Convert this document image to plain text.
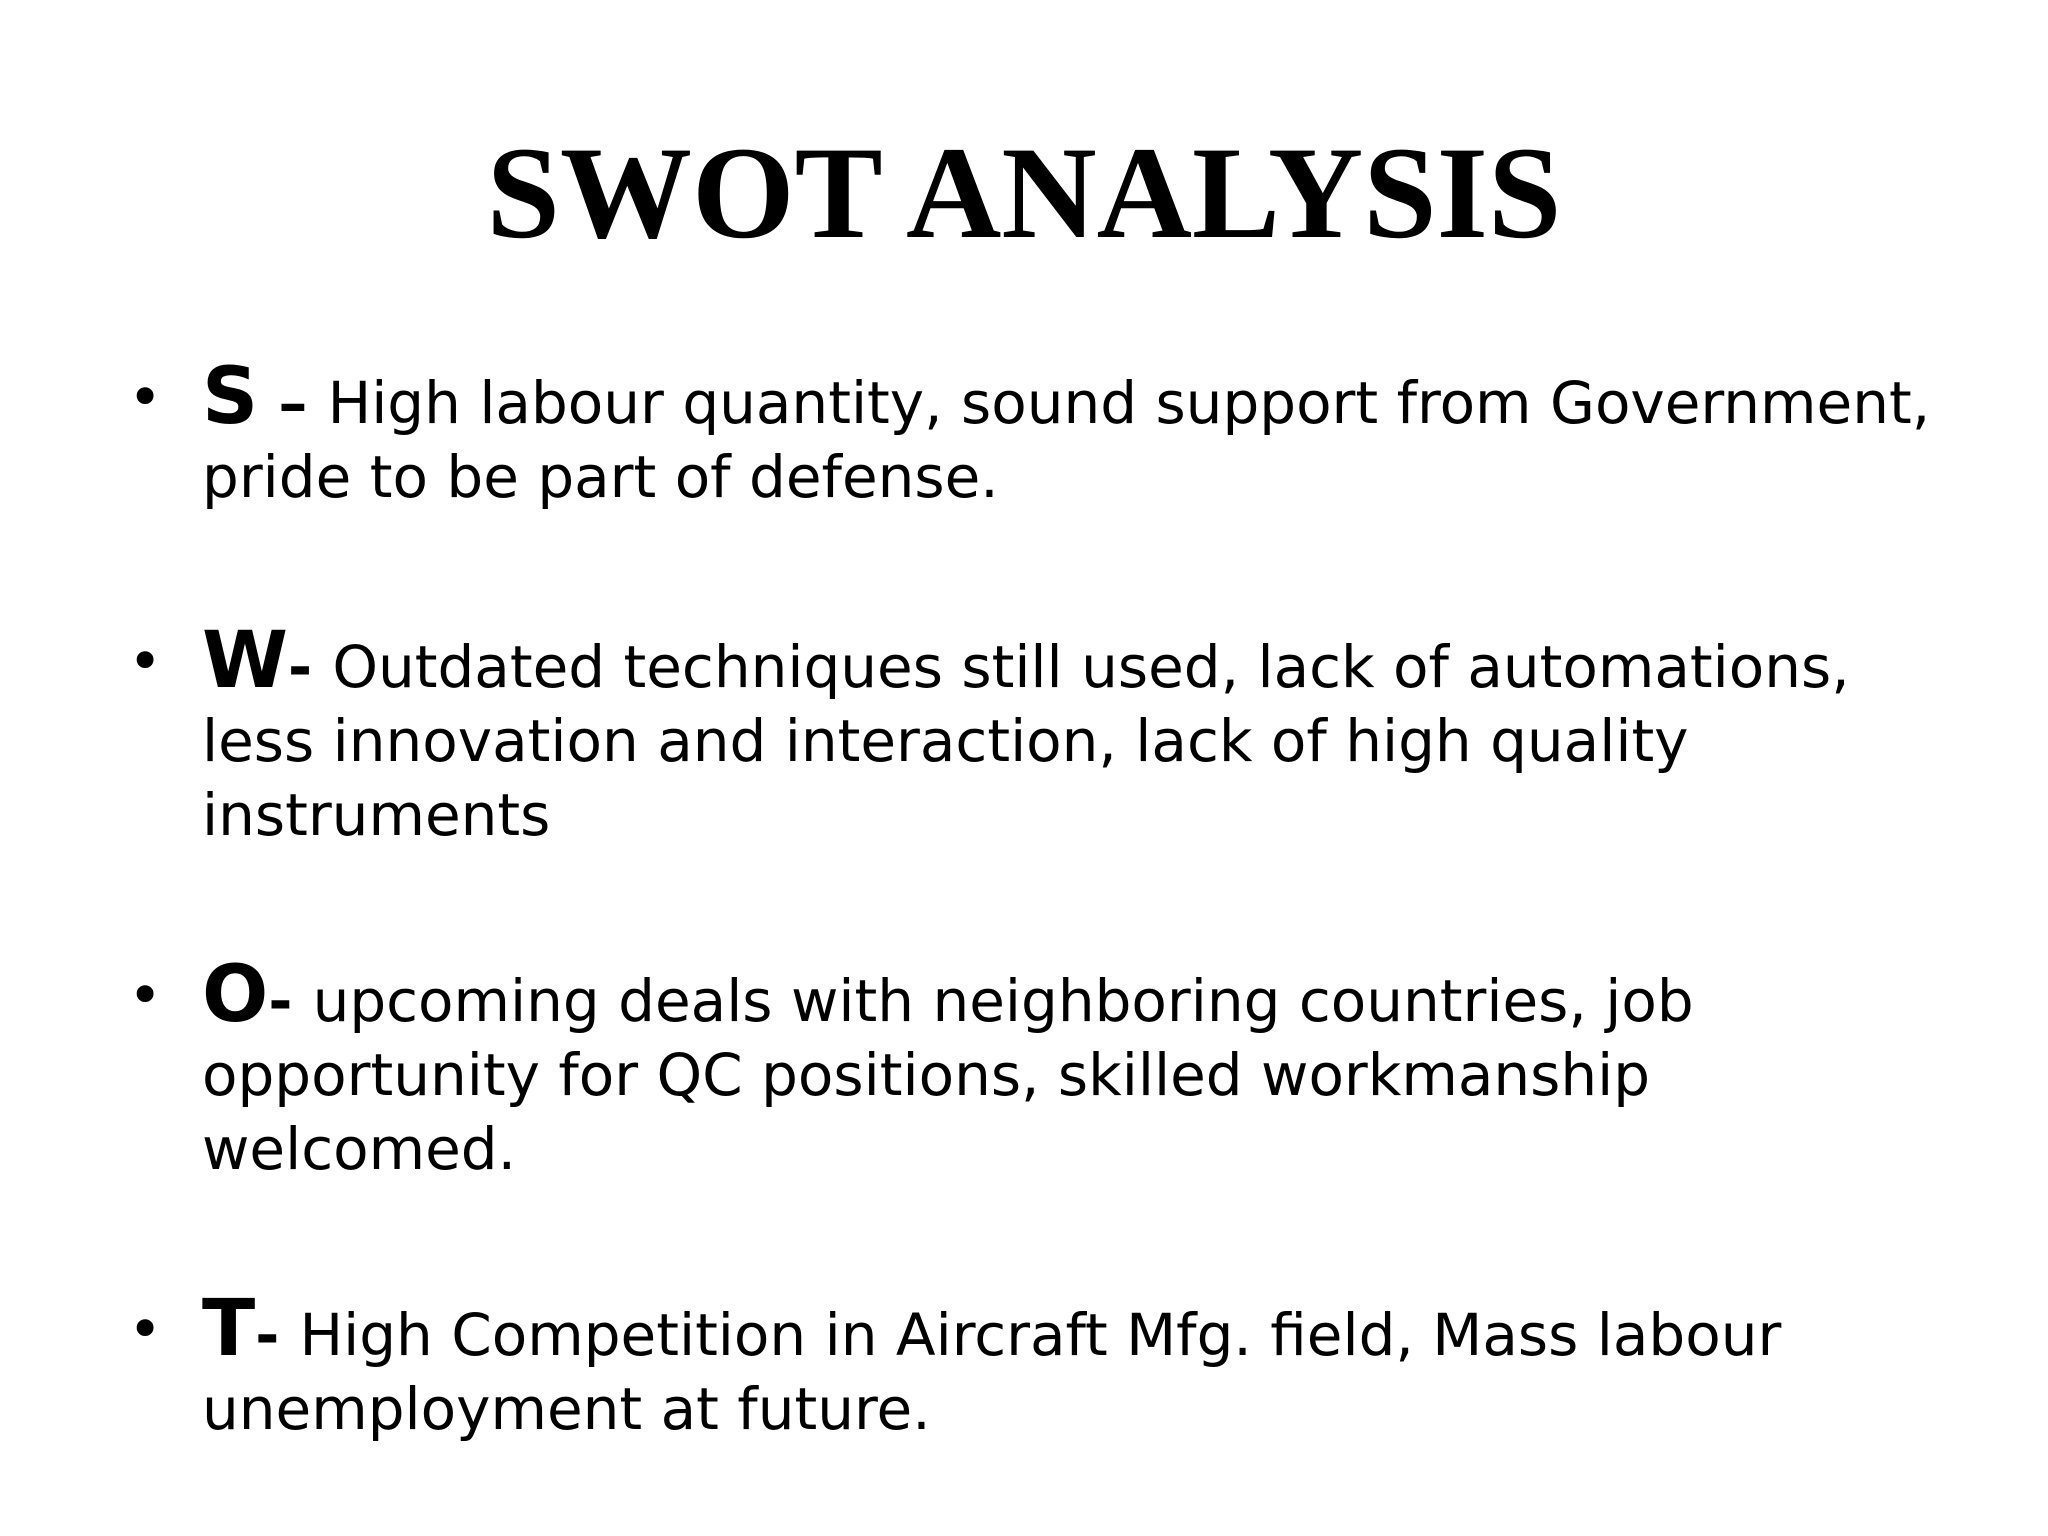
SWOT ANALYSIS
• S – High labour quantity, sound support from Government, pride to be part of defense.
• W- Outdated techniques still used, lack of automations, less innovation and interaction, lack of high quality instruments
• O- upcoming deals with neighboring countries, job opportunity for QC positions, skilled workmanship welcomed.
• T- High Competition in Aircraft Mfg. field, Mass labour unemployment at future.
